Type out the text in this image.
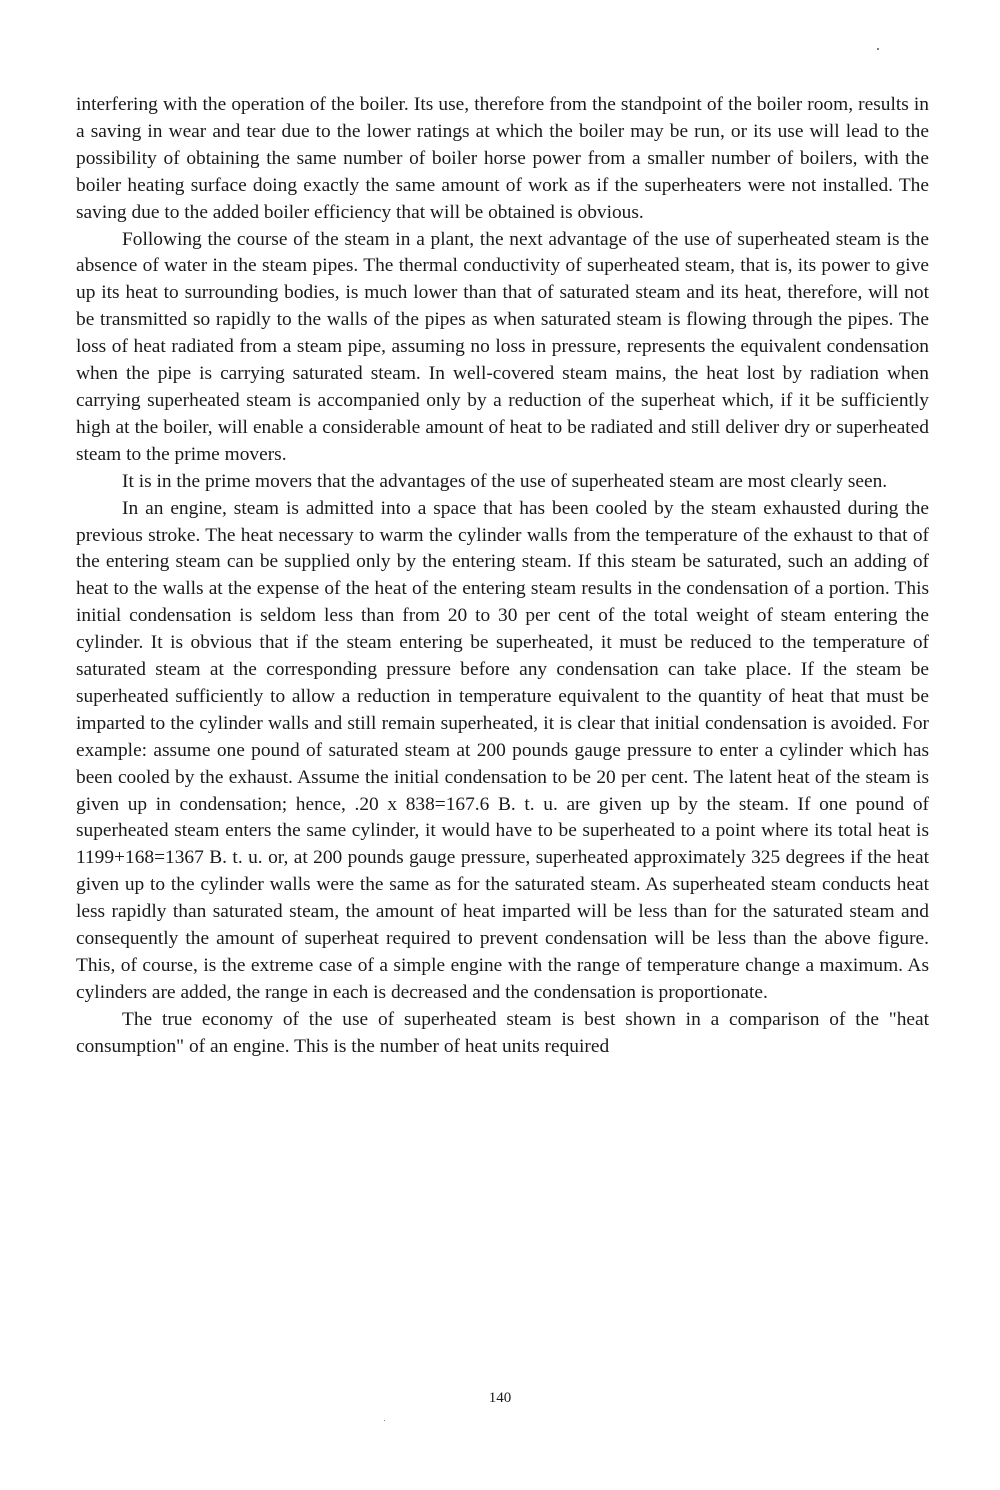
interfering with the operation of the boiler. Its use, therefore from the standpoint of the boiler room, results in a saving in wear and tear due to the lower ratings at which the boiler may be run, or its use will lead to the possibility of obtaining the same number of boiler horse power from a smaller number of boilers, with the boiler heating surface doing exactly the same amount of work as if the superheaters were not installed. The saving due to the added boiler efficiency that will be obtained is obvious.

Following the course of the steam in a plant, the next advantage of the use of superheated steam is the absence of water in the steam pipes. The thermal conductivity of superheated steam, that is, its power to give up its heat to surrounding bodies, is much lower than that of saturated steam and its heat, therefore, will not be transmitted so rapidly to the walls of the pipes as when saturated steam is flowing through the pipes. The loss of heat radiated from a steam pipe, assuming no loss in pressure, represents the equivalent condensation when the pipe is carrying saturated steam. In well-covered steam mains, the heat lost by radiation when carrying superheated steam is accompanied only by a reduction of the superheat which, if it be sufficiently high at the boiler, will enable a considerable amount of heat to be radiated and still deliver dry or superheated steam to the prime movers.

It is in the prime movers that the advantages of the use of superheated steam are most clearly seen.

In an engine, steam is admitted into a space that has been cooled by the steam exhausted during the previous stroke. The heat necessary to warm the cylinder walls from the temperature of the exhaust to that of the entering steam can be supplied only by the entering steam. If this steam be saturated, such an adding of heat to the walls at the expense of the heat of the entering steam results in the condensation of a portion. This initial condensation is seldom less than from 20 to 30 per cent of the total weight of steam entering the cylinder. It is obvious that if the steam entering be superheated, it must be reduced to the temperature of saturated steam at the corresponding pressure before any condensation can take place. If the steam be superheated sufficiently to allow a reduction in temperature equivalent to the quantity of heat that must be imparted to the cylinder walls and still remain superheated, it is clear that initial condensation is avoided. For example: assume one pound of saturated steam at 200 pounds gauge pressure to enter a cylinder which has been cooled by the exhaust. Assume the initial condensation to be 20 per cent. The latent heat of the steam is given up in condensation; hence, .20 x 838=167.6 B. t. u. are given up by the steam. If one pound of superheated steam enters the same cylinder, it would have to be superheated to a point where its total heat is 1199+168=1367 B. t. u. or, at 200 pounds gauge pressure, superheated approximately 325 degrees if the heat given up to the cylinder walls were the same as for the saturated steam. As superheated steam conducts heat less rapidly than saturated steam, the amount of heat imparted will be less than for the saturated steam and consequently the amount of superheat required to prevent condensation will be less than the above figure. This, of course, is the extreme case of a simple engine with the range of temperature change a maximum. As cylinders are added, the range in each is decreased and the condensation is proportionate.

The true economy of the use of superheated steam is best shown in a comparison of the "heat consumption" of an engine. This is the number of heat units required

140
